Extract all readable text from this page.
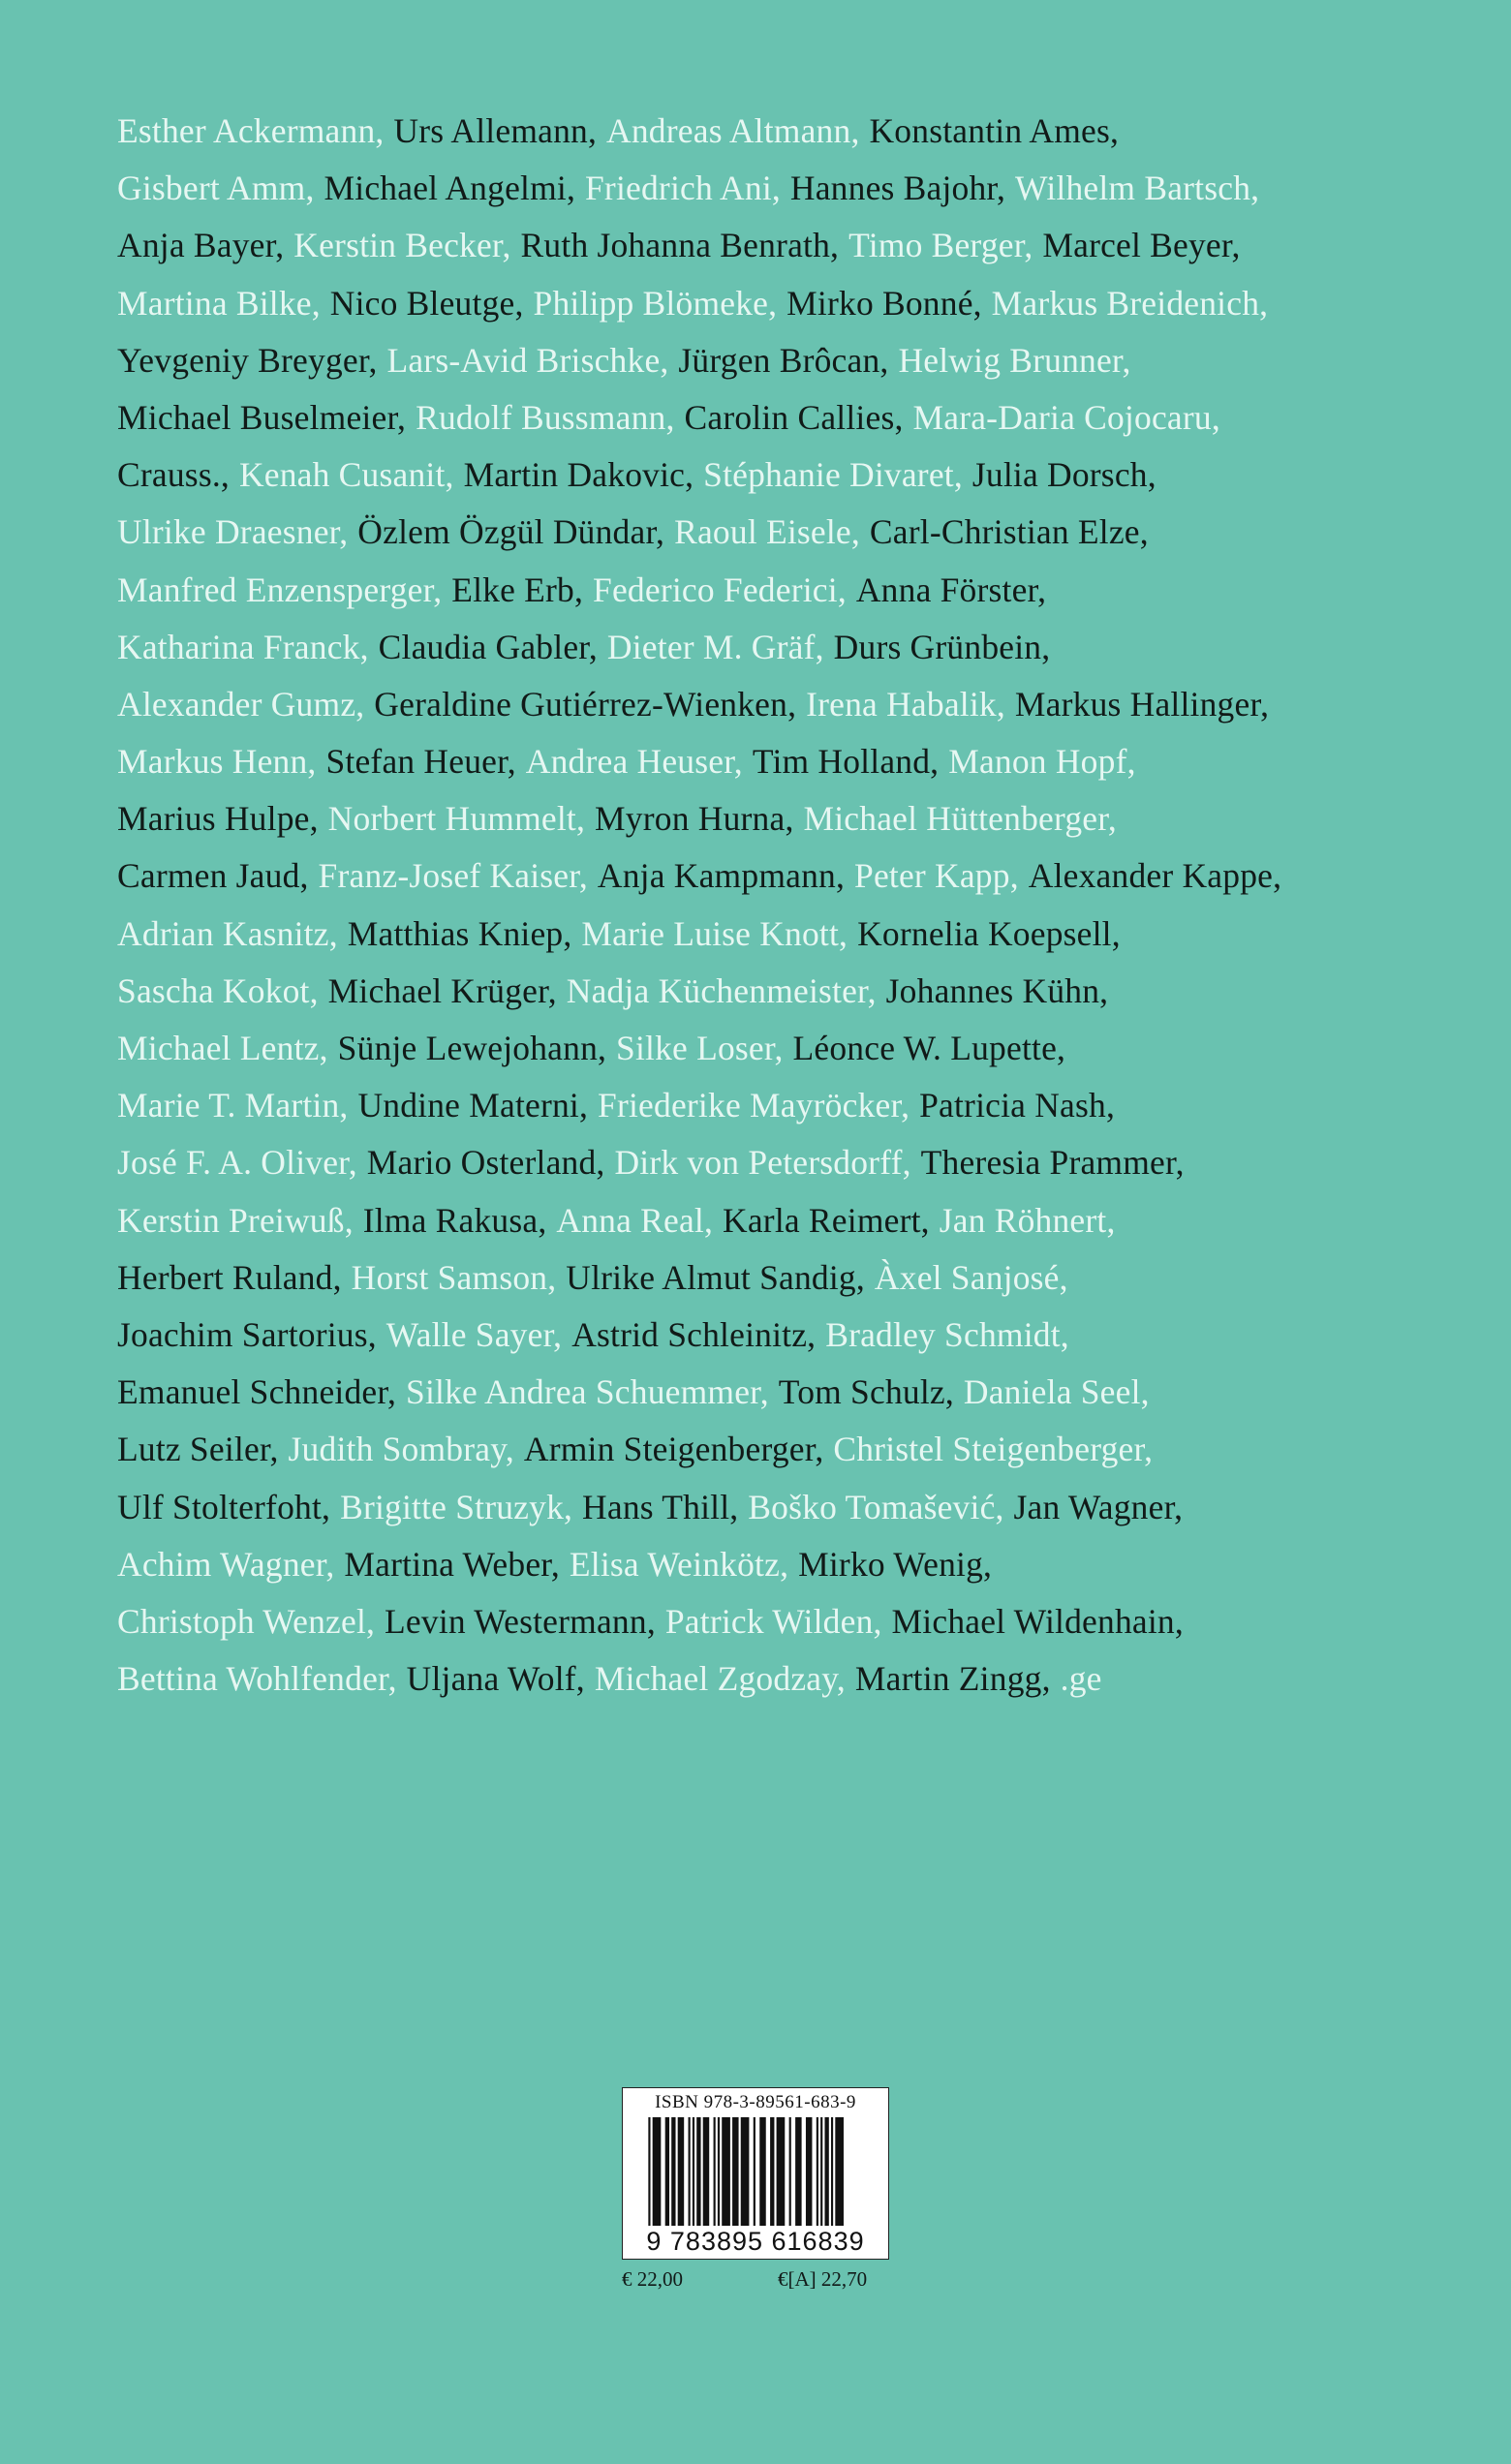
Esther Ackermann, Urs Allemann, Andreas Altmann, Konstantin Ames,
Gisbert Amm, Michael Angelmi, Friedrich Ani, Hannes Bajohr, Wilhelm Bartsch,
Anja Bayer, Kerstin Becker, Ruth Johanna Benrath, Timo Berger, Marcel Beyer,
Martina Bilke, Nico Bleutge, Philipp Blömeke, Mirko Bonné, Markus Breidenich,
Yevgeniy Breyger, Lars-Avid Brischke, Jürgen Brôcan, Helwig Brunner,
Michael Buselmeier, Rudolf Bussmann, Carolin Callies, Mara-Daria Cojocaru,
Crauss., Kenah Cusanit, Martin Dakovic, Stéphanie Divaret, Julia Dorsch,
Ulrike Draesner, Özlem Özgül Dündar, Raoul Eisele, Carl-Christian Elze,
Manfred Enzensperger, Elke Erb, Federico Federici, Anna Förster,
Katharina Franck, Claudia Gabler, Dieter M. Gräf, Durs Grünbein,
Alexander Gumz, Geraldine Gutiérrez-Wienken, Irena Habalik, Markus Hallinger,
Markus Henn, Stefan Heuer, Andrea Heuser, Tim Holland, Manon Hopf,
Marius Hulpe, Norbert Hummelt, Myron Hurna, Michael Hüttenberger,
Carmen Jaud, Franz-Josef Kaiser, Anja Kampmann, Peter Kapp, Alexander Kappe,
Adrian Kasnitz, Matthias Kniep, Marie Luise Knott, Kornelia Koepsell,
Sascha Kokot, Michael Krüger, Nadja Küchenmeister, Johannes Kühn,
Michael Lentz, Sünje Lewejohann, Silke Loser, Léonce W. Lupette,
Marie T. Martin, Undine Materni, Friederike Mayröcker, Patricia Nash,
José F. A. Oliver, Mario Osterland, Dirk von Petersdorff, Theresia Prammer,
Kerstin Preiwuß, Ilma Rakusa, Anna Real, Karla Reimert, Jan Röhnert,
Herbert Ruland, Horst Samson, Ulrike Almut Sandig, Àxel Sanjosé,
Joachim Sartorius, Walle Sayer, Astrid Schleinitz, Bradley Schmidt,
Emanuel Schneider, Silke Andrea Schuemmer, Tom Schulz, Daniela Seel,
Lutz Seiler, Judith Sombray, Armin Steigenberger, Christel Steigenberger,
Ulf Stolterfoht, Brigitte Struzyk, Hans Thill, Boško Tomašević, Jan Wagner,
Achim Wagner, Martina Weber, Elisa Weinkötz, Mirko Wenig,
Christoph Wenzel, Levin Westermann, Patrick Wilden, Michael Wildenhain,
Bettina Wohlfender, Uljana Wolf, Michael Zgodzay, Martin Zingg, .ge
ISBN 978-3-89561-683-9
9 783895 616839
€ 22,00	€[A] 22,70
